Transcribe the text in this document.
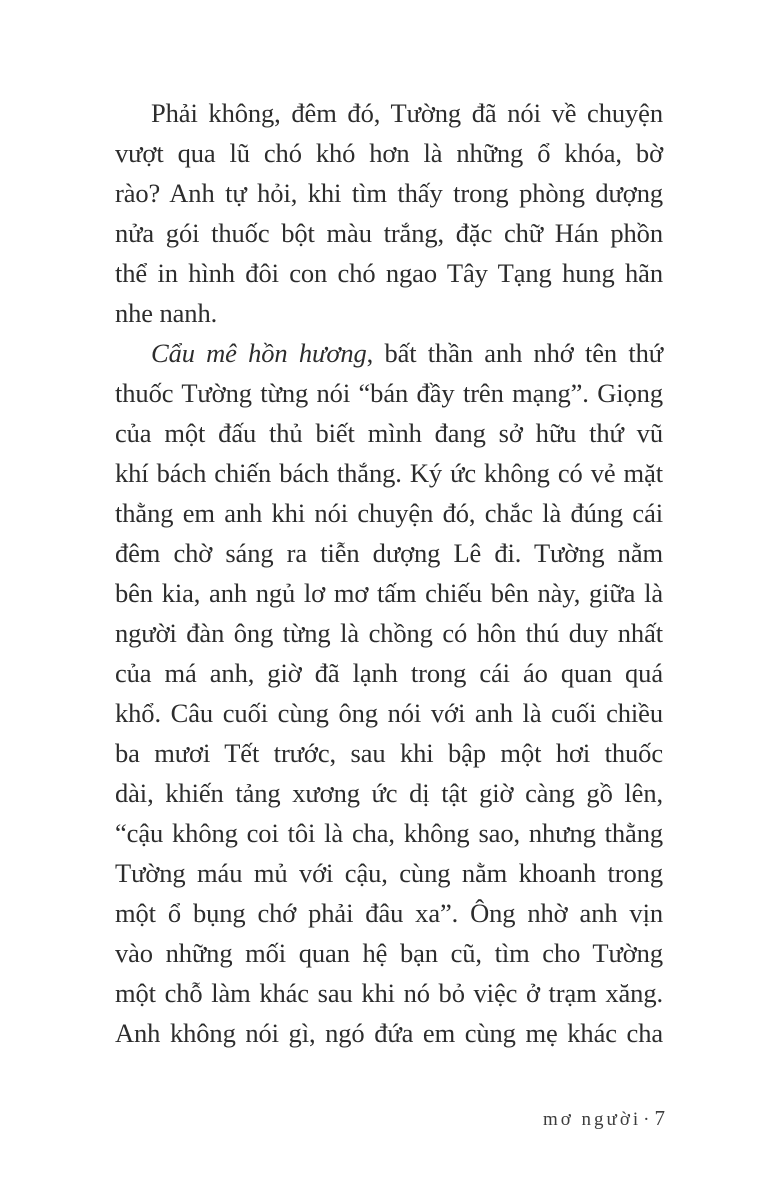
Phải không, đêm đó, Tường đã nói về chuyện
vượt qua lũ chó khó hơn là những ổ khóa, bờ
rào? Anh tự hỏi, khi tìm thấy trong phòng dượng
nửa gói thuốc bột màu trắng, đặc chữ Hán phồn
thể in hình đôi con chó ngao Tây Tạng hung hãn
nhe nanh.
Cẩu mê hồn hương, bất thần anh nhớ tên thứ
thuốc Tường từng nói “bán đầy trên mạng”. Giọng
của một đấu thủ biết mình đang sở hữu thứ vũ
khí bách chiến bách thắng. Ký ức không có vẻ mặt
thằng em anh khi nói chuyện đó, chắc là đúng cái
đêm chờ sáng ra tiễn dượng Lê đi. Tường nằm
bên kia, anh ngủ lơ mơ tấm chiếu bên này, giữa là
người đàn ông từng là chồng có hôn thú duy nhất
của má anh, giờ đã lạnh trong cái áo quan quá
khổ. Câu cuối cùng ông nói với anh là cuối chiều
ba mươi Tết trước, sau khi bập một hơi thuốc
dài, khiến tảng xương ức dị tật giờ càng gồ lên,
“cậu không coi tôi là cha, không sao, nhưng thằng
Tường máu mủ với cậu, cùng nằm khoanh trong
một ổ bụng chớ phải đâu xa”. Ông nhờ anh vịn
vào những mối quan hệ bạn cũ, tìm cho Tường
một chỗ làm khác sau khi nó bỏ việc ở trạm xăng.
Anh không nói gì, ngó đứa em cùng mẹ khác cha
mơ người ·7
